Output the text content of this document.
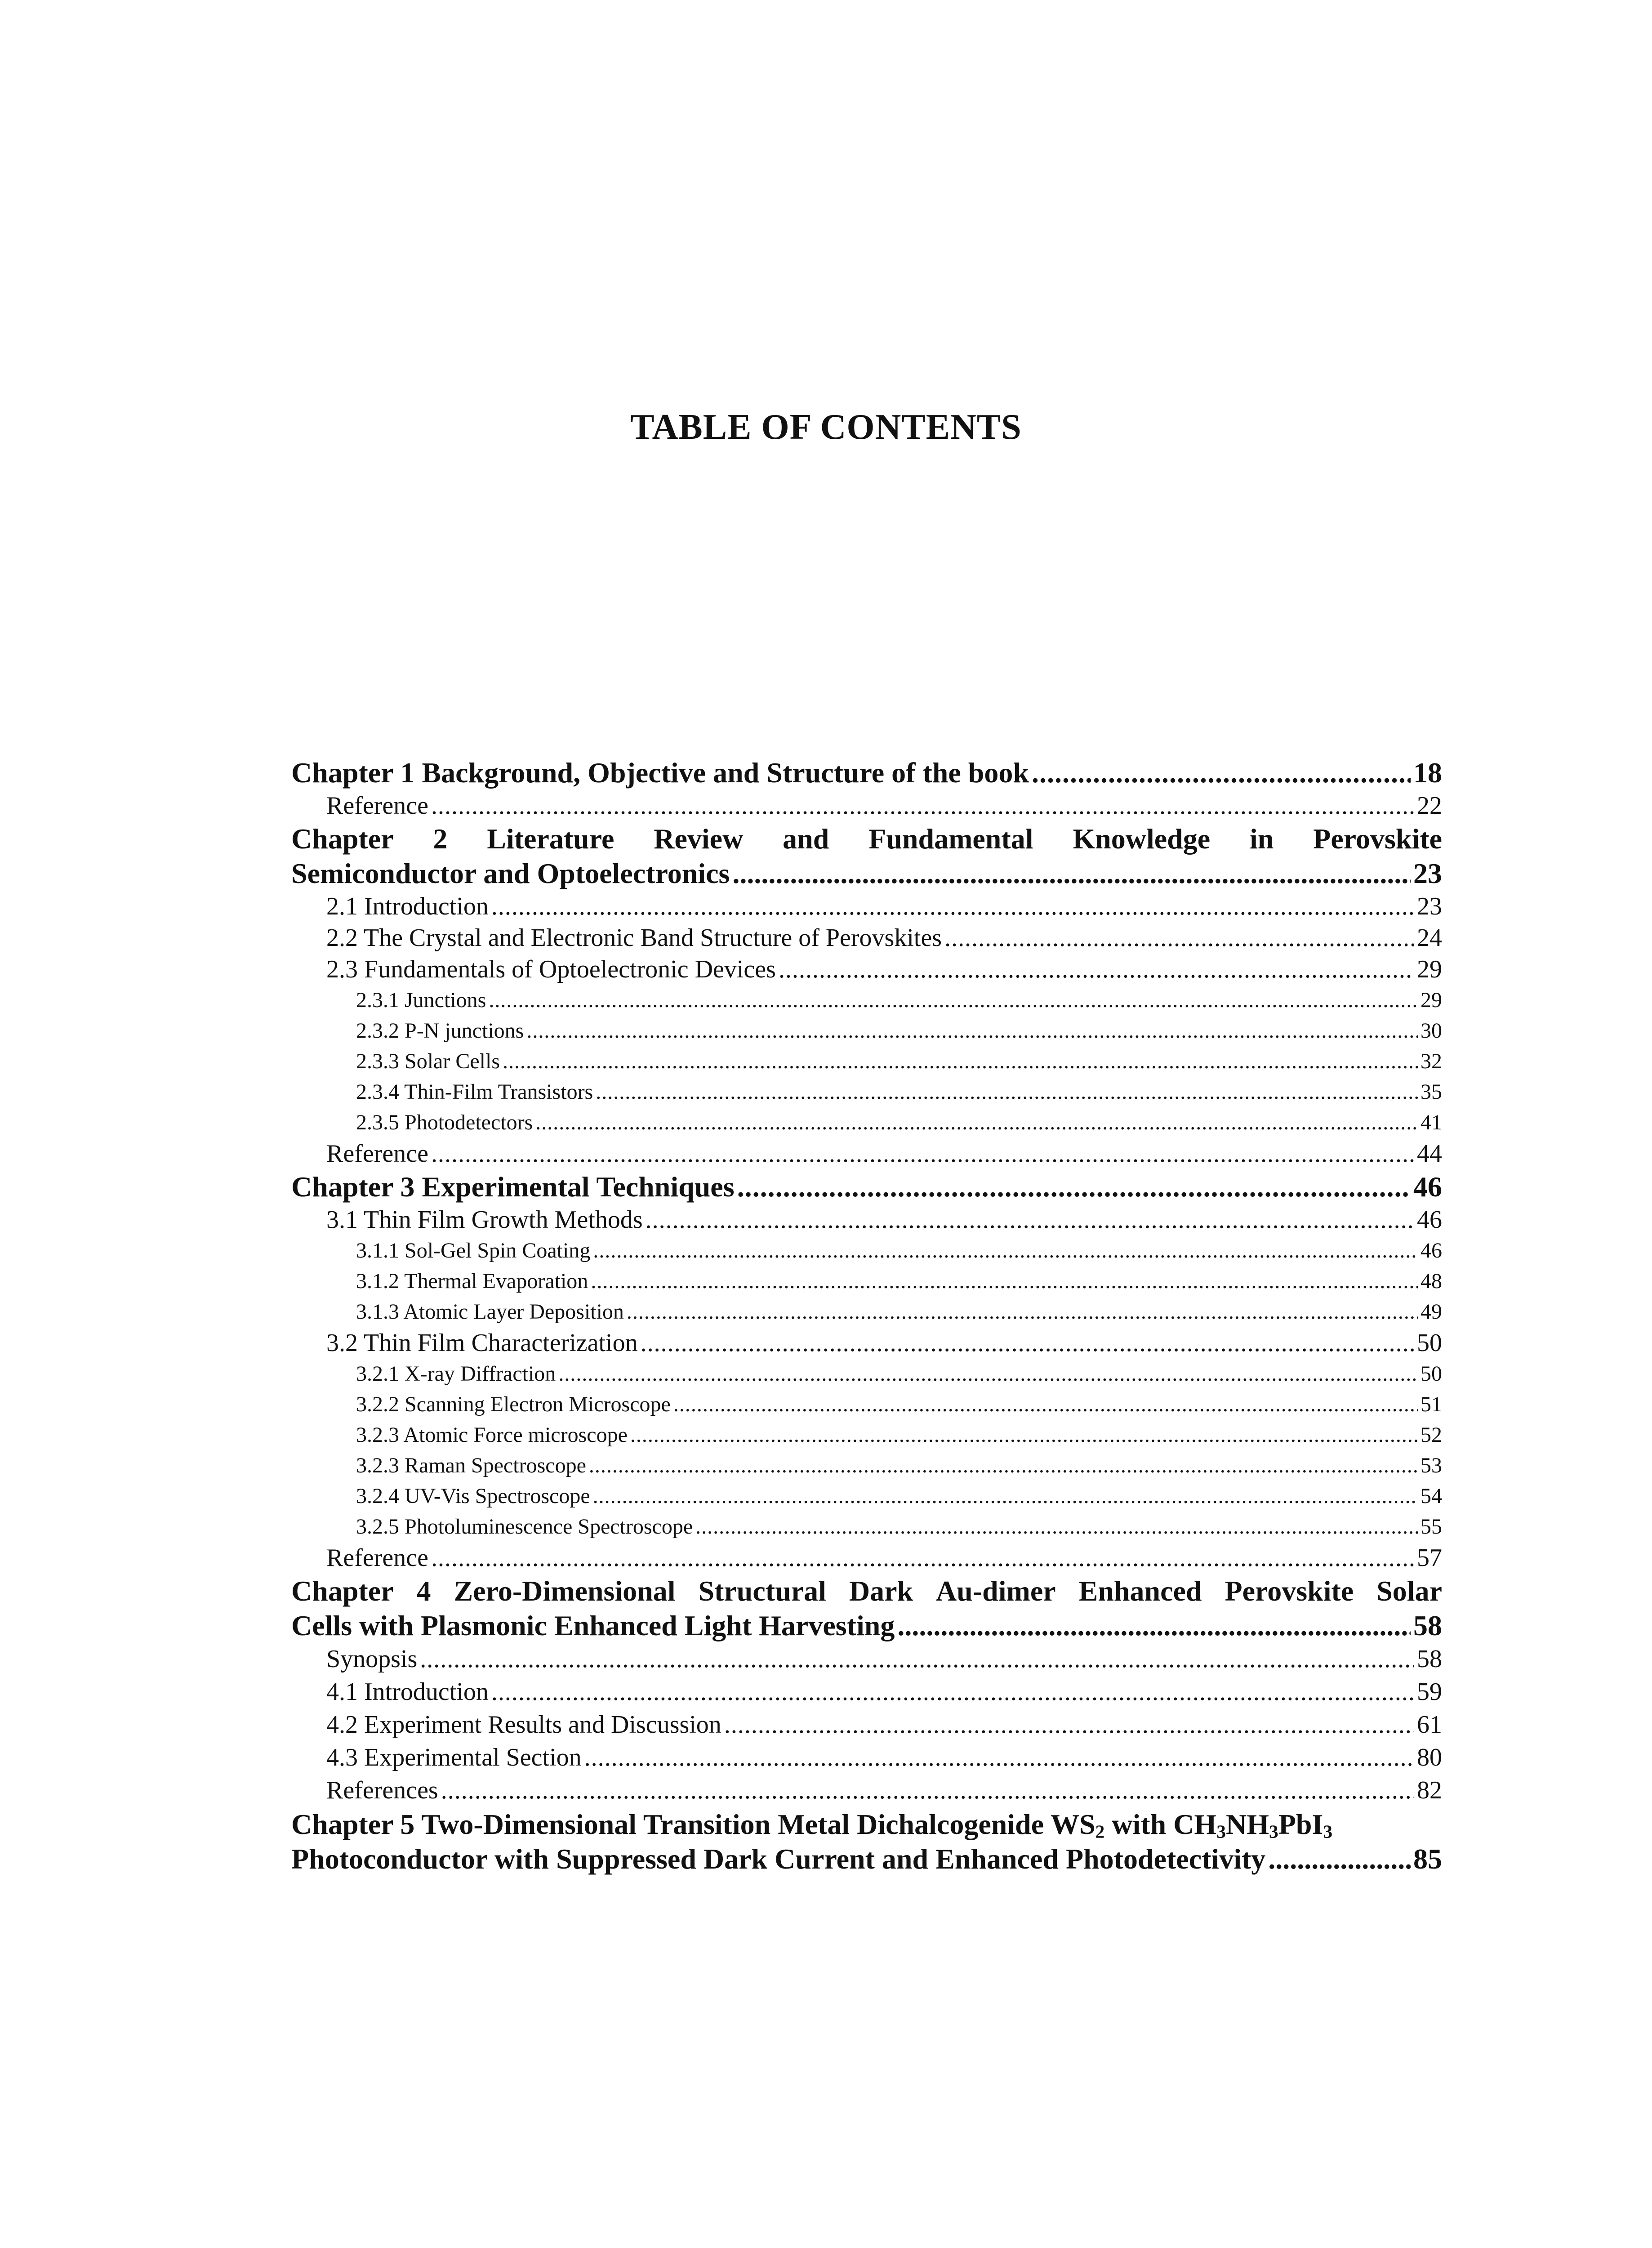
TABLE OF CONTENTS
Chapter 1 Background, Objective and Structure of the book .....	18
Reference .....	22
Chapter 2 Literature Review and Fundamental Knowledge in Perovskite
Semiconductor and Optoelectronics .....	23
2.1 Introduction .....	23
2.2 The Crystal and Electronic Band Structure of Perovskites .....	24
2.3 Fundamentals of Optoelectronic Devices .....	29
2.3.1 Junctions .....	29
2.3.2 P-N junctions .....	30
2.3.3 Solar Cells .....	32
2.3.4 Thin-Film Transistors .....	35
2.3.5 Photodetectors .....	41
Reference .....	44
Chapter 3 Experimental Techniques .....	46
3.1 Thin Film Growth Methods .....	46
3.1.1 Sol-Gel Spin Coating .....	46
3.1.2 Thermal Evaporation .....	48
3.1.3 Atomic Layer Deposition .....	49
3.2 Thin Film Characterization .....	50
3.2.1 X-ray Diffraction .....	50
3.2.2 Scanning Electron Microscope .....	51
3.2.3 Atomic Force microscope .....	52
3.2.3 Raman Spectroscope .....	53
3.2.4 UV-Vis Spectroscope .....	54
3.2.5 Photoluminescence Spectroscope .....	55
Reference .....	57
Chapter 4 Zero-Dimensional Structural Dark Au-dimer Enhanced Perovskite Solar
Cells with Plasmonic Enhanced Light Harvesting .....	58
Synopsis .....	58
4.1 Introduction .....	59
4.2 Experiment Results and Discussion .....	61
4.3 Experimental Section .....	80
References .....	82
Chapter 5 Two-Dimensional Transition Metal Dichalcogenide $WS_2$ with $CH_3NH_3PbI_3$
Photoconductor with Suppressed Dark Current and Enhanced Photodetectivity .....	85
